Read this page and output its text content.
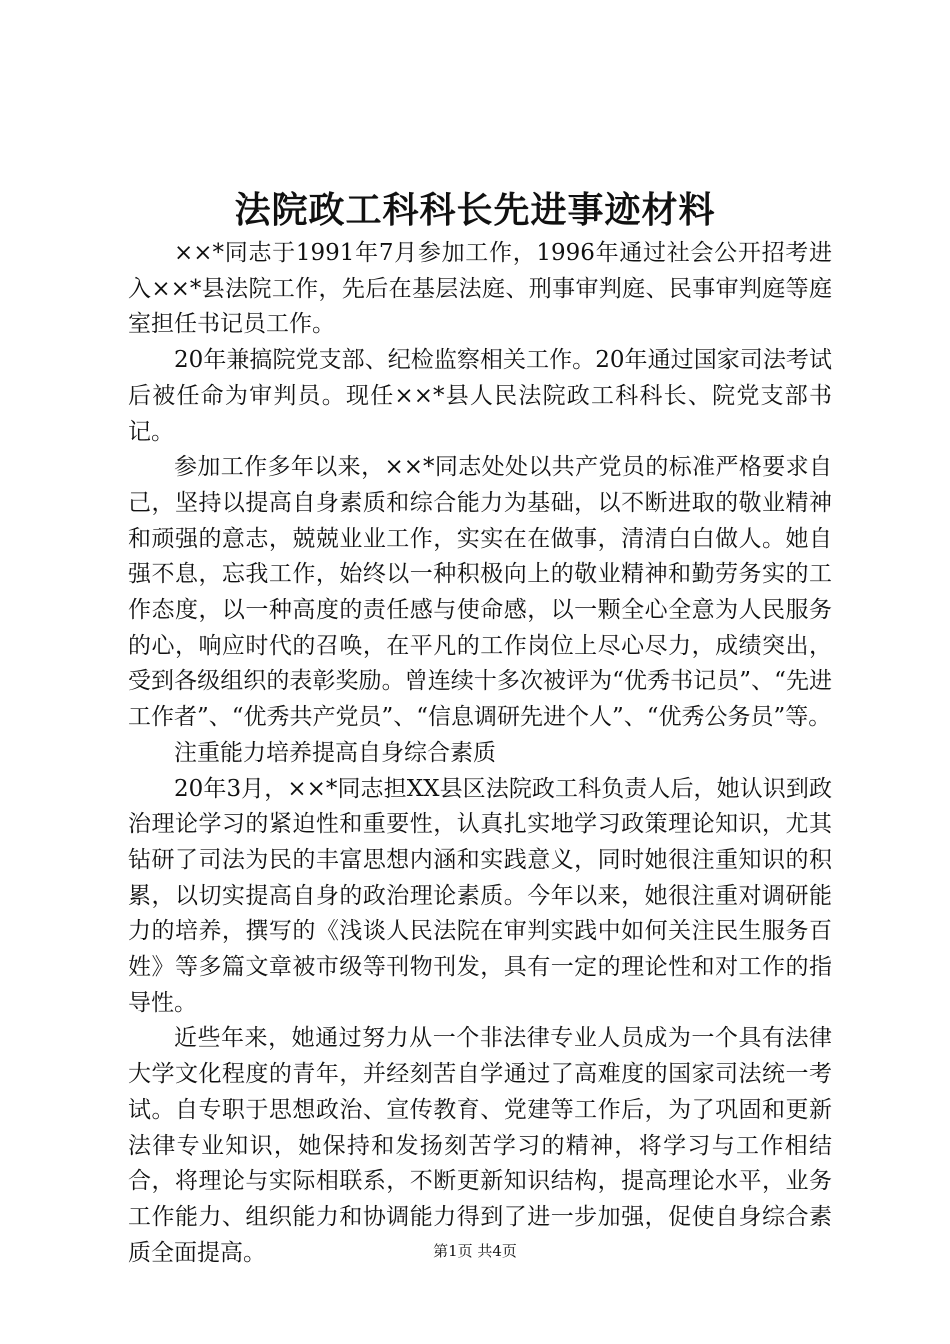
法院政工科科长先进事迹材料

××*同志于1991年7月参加工作，1996年通过社会公开招考进入××*县法院工作，先后在基层法庭、刑事审判庭、民事审判庭等庭室担任书记员工作。

20年兼搞院党支部、纪检监察相关工作。20年通过国家司法考试后被任命为审判员。现任××*县人民法院政工科科长、院党支部书记。

参加工作多年以来，××*同志处处以共产党员的标准严格要求自己，坚持以提高自身素质和综合能力为基础，以不断进取的敬业精神和顽强的意志，兢兢业业工作，实实在在做事，清清白白做人。她自强不息，忘我工作，始终以一种积极向上的敬业精神和勤劳务实的工作态度，以一种高度的责任感与使命感，以一颗全心全意为人民服务的心，响应时代的召唤，在平凡的工作岗位上尽心尽力，成绩突出，受到各级组织的表彰奖励。曾连续十多次被评为“优秀书记员”、“先进工作者”、“优秀共产党员”、“信息调研先进个人”、“优秀公务员”等。

注重能力培养提高自身综合素质

20年3月，××*同志担XX县区法院政工科负责人后，她认识到政治理论学习的紧迫性和重要性，认真扎实地学习政策理论知识，尤其钻研了司法为民的丰富思想内涵和实践意义，同时她很注重知识的积累，以切实提高自身的政治理论素质。今年以来，她很注重对调研能力的培养，撰写的《浅谈人民法院在审判实践中如何关注民生服务百姓》等多篇文章被市级等刊物刊发，具有一定的理论性和对工作的指导性。

近些年来，她通过努力从一个非法律专业人员成为一个具有法律大学文化程度的青年，并经刻苦自学通过了高难度的国家司法统一考试。自专职于思想政治、宣传教育、党建等工作后，为了巩固和更新法律专业知识，她保持和发扬刻苦学习的精神，将学习与工作相结合，将理论与实际相联系，不断更新知识结构，提高理论水平，业务工作能力、组织能力和协调能力得到了进一步加强，促使自身综合素质全面提高。	第1页 共4页
